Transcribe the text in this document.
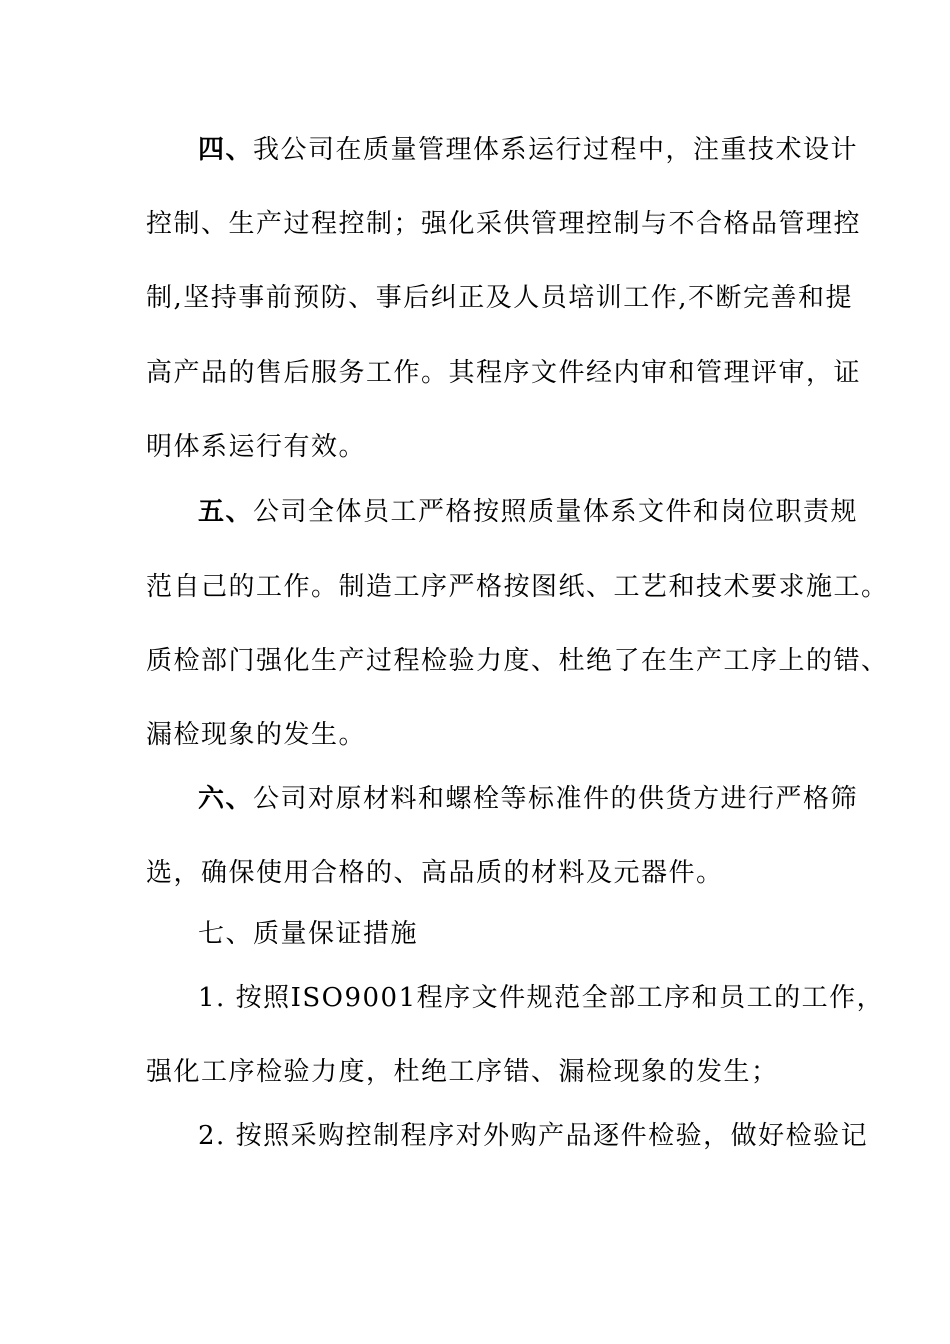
四、我公司在质量管理体系运行过程中，注重技术设计
控制、生产过程控制；强化采供管理控制与不合格品管理控
制,坚持事前预防、事后纠正及人员培训工作,不断完善和提
高产品的售后服务工作。其程序文件经内审和管理评审，证
明体系运行有效。
五、公司全体员工严格按照质量体系文件和岗位职责规
范自己的工作。制造工序严格按图纸、工艺和技术要求施工。
质检部门强化生产过程检验力度、杜绝了在生产工序上的错、
漏检现象的发生。
六、公司对原材料和螺栓等标准件的供货方进行严格筛
选，确保使用合格的、高品质的材料及元器件。
七、质量保证措施
1. 按照ISO9001程序文件规范全部工序和员工的工作，
强化工序检验力度，杜绝工序错、漏检现象的发生；
2. 按照采购控制程序对外购产品逐件检验，做好检验记
